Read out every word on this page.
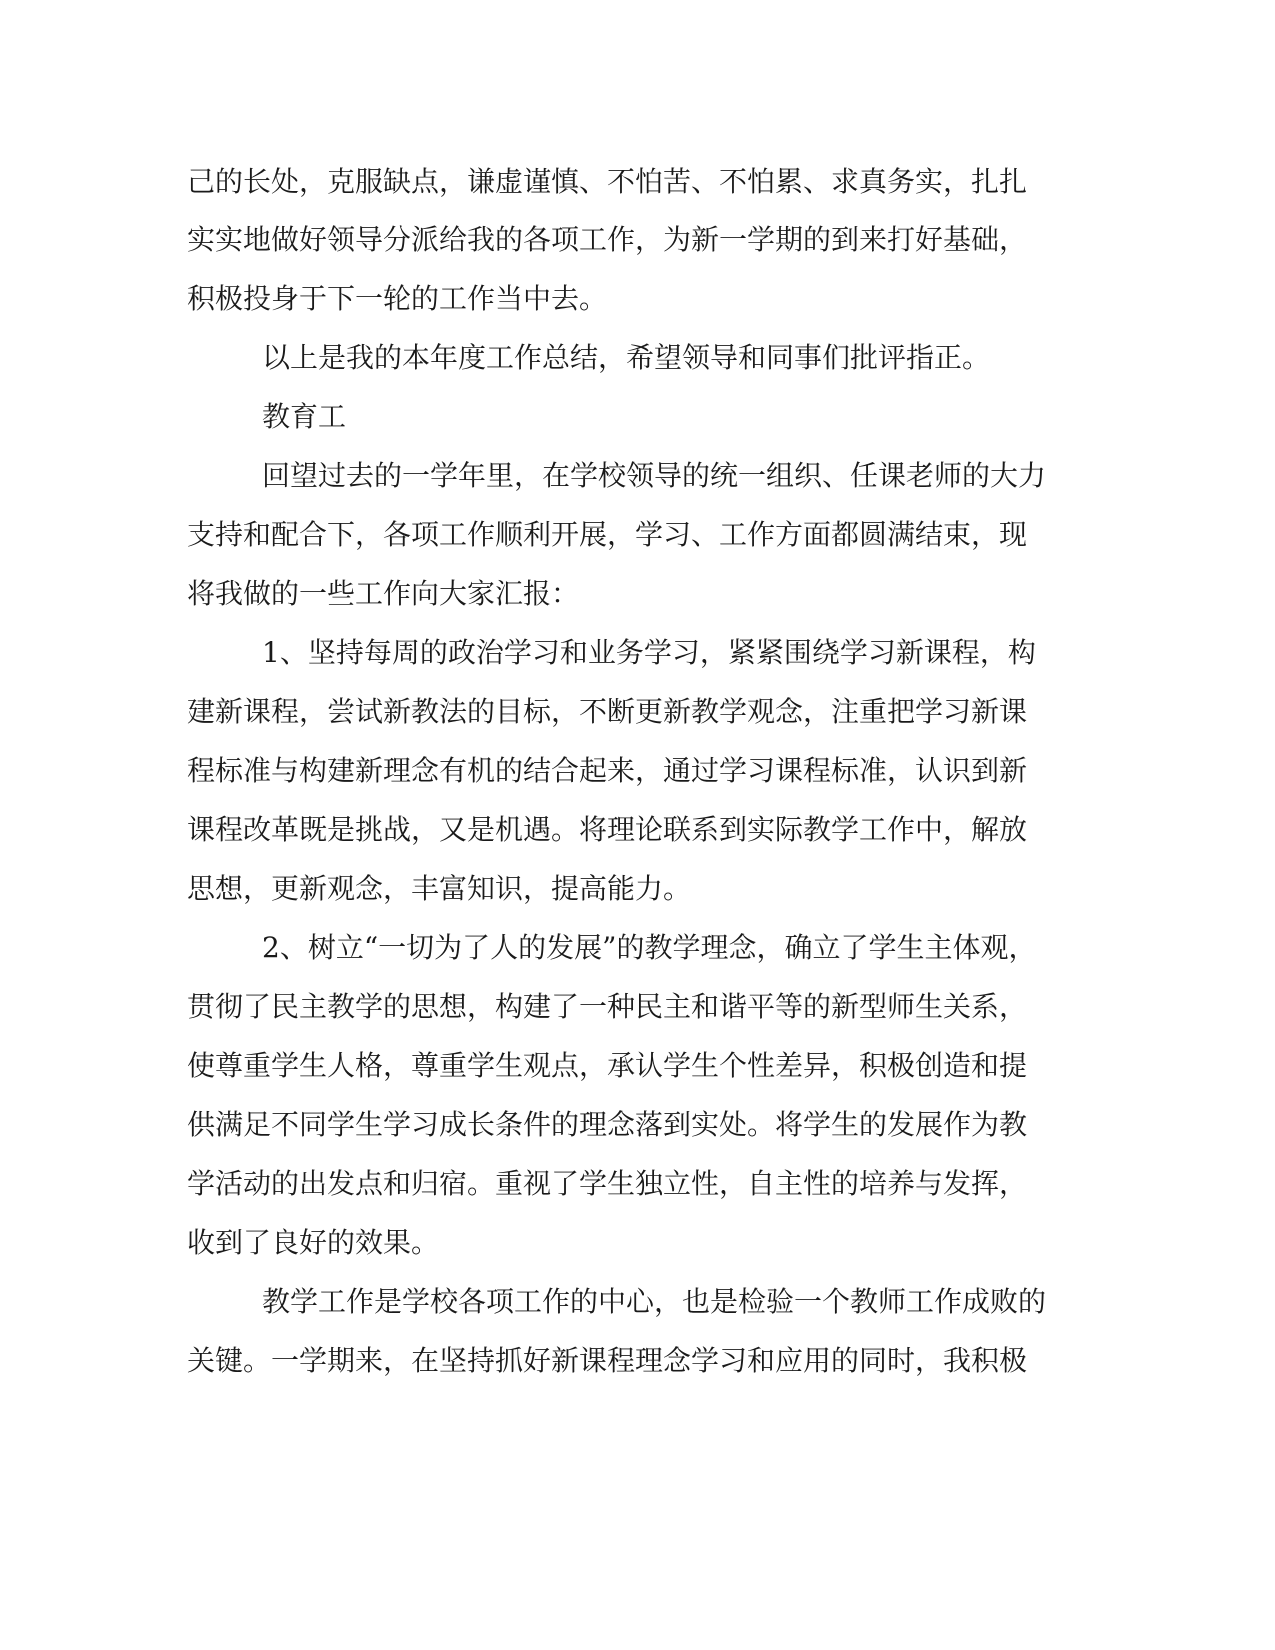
己的长处，克服缺点，谦虚谨慎、不怕苦、不怕累、求真务实，扎扎
实实地做好领导分派给我的各项工作，为新一学期的到来打好基础，
积极投身于下一轮的工作当中去。
以上是我的本年度工作总结，希望领导和同事们批评指正。
教育工
回望过去的一学年里，在学校领导的统一组织、任课老师的大力
支持和配合下，各项工作顺利开展，学习、工作方面都圆满结束，现
将我做的一些工作向大家汇报：
1、坚持每周的政治学习和业务学习，紧紧围绕学习新课程，构
建新课程，尝试新教法的目标，不断更新教学观念，注重把学习新课
程标准与构建新理念有机的结合起来，通过学习课程标准，认识到新
课程改革既是挑战，又是机遇。将理论联系到实际教学工作中，解放
思想，更新观念，丰富知识，提高能力。
2、树立“一切为了人的发展”的教学理念，确立了学生主体观，
贯彻了民主教学的思想，构建了一种民主和谐平等的新型师生关系，
使尊重学生人格，尊重学生观点，承认学生个性差异，积极创造和提
供满足不同学生学习成长条件的理念落到实处。将学生的发展作为教
学活动的出发点和归宿。重视了学生独立性，自主性的培养与发挥，
收到了良好的效果。
教学工作是学校各项工作的中心，也是检验一个教师工作成败的
关键。一学期来，在坚持抓好新课程理念学习和应用的同时，我积极
